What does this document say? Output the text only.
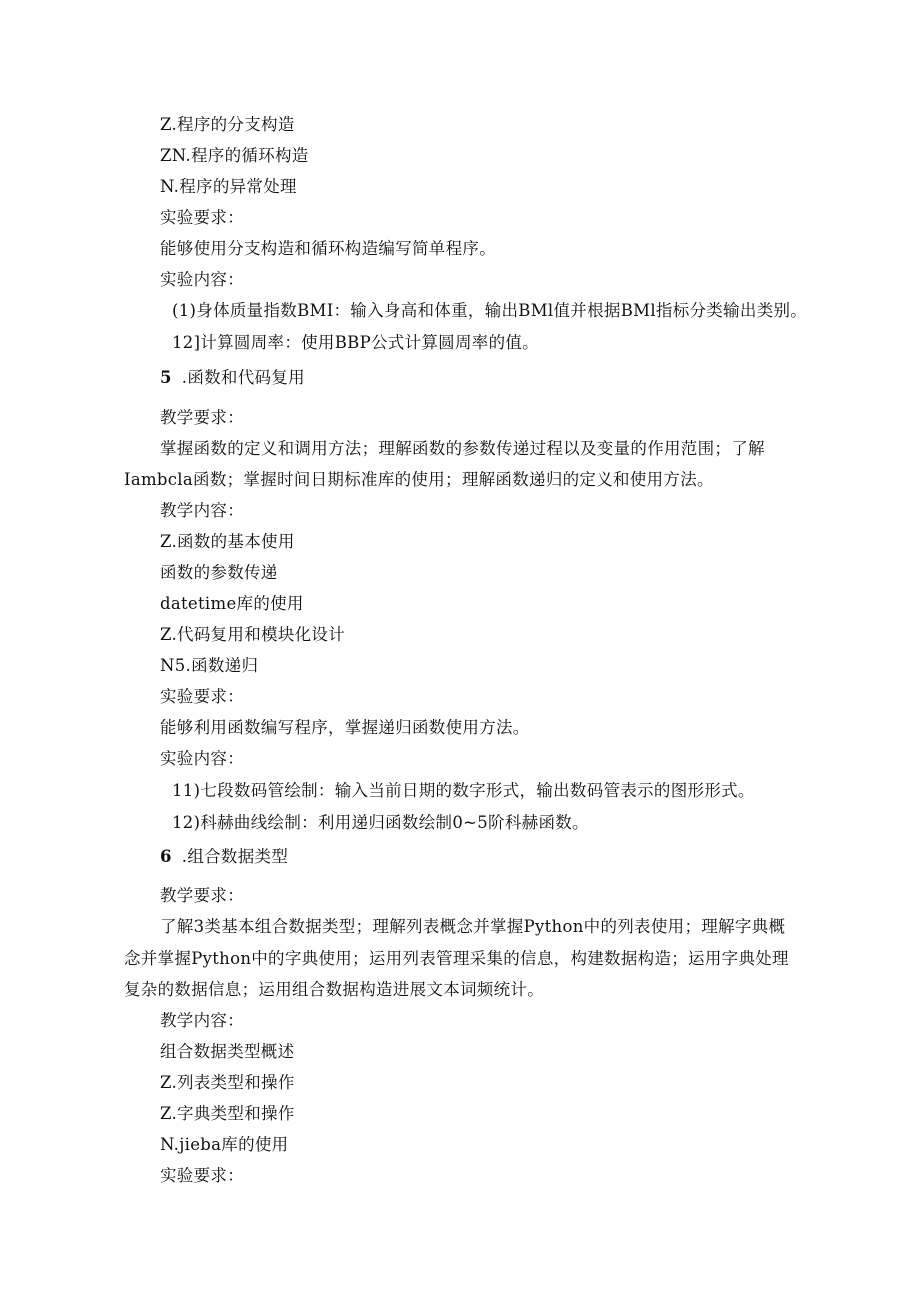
Z.程序的分支构造
ZN.程序的循环构造
N.程序的异常处理
实验要求：
能够使用分支构造和循环构造编写简单程序。
实验内容：
(1)身体质量指数BMI：输入身高和体重，输出BMl值并根据BMl指标分类输出类别。
12]计算圆周率：使用BBP公式计算圆周率的值。
5 .函数和代码复用
教学要求：
掌握函数的定义和调用方法；理解函数的参数传递过程以及变量的作用范围；了解
Iambcla函数；掌握时间日期标准库的使用；理解函数递归的定义和使用方法。
教学内容：
Z.函数的基本使用
函数的参数传递
datetime库的使用
Z.代码复用和模块化设计
N5.函数递归
实验要求：
能够利用函数编写程序，掌握递归函数使用方法。
实验内容：
11)七段数码管绘制：输入当前日期的数字形式，输出数码管表示的图形形式。
12)科赫曲线绘制：利用递归函数绘制0~5阶科赫函数。
6 .组合数据类型
教学要求：
了解3类基本组合数据类型；理解列表概念并掌握Python中的列表使用；理解字典概
念并掌握Python中的字典使用；运用列表管理采集的信息，构建数据构造；运用字典处理
复杂的数据信息；运用组合数据构造进展文本词频统计。
教学内容：
组合数据类型概述
Z.列表类型和操作
Z.字典类型和操作
N.jieba库的使用
实验要求：
